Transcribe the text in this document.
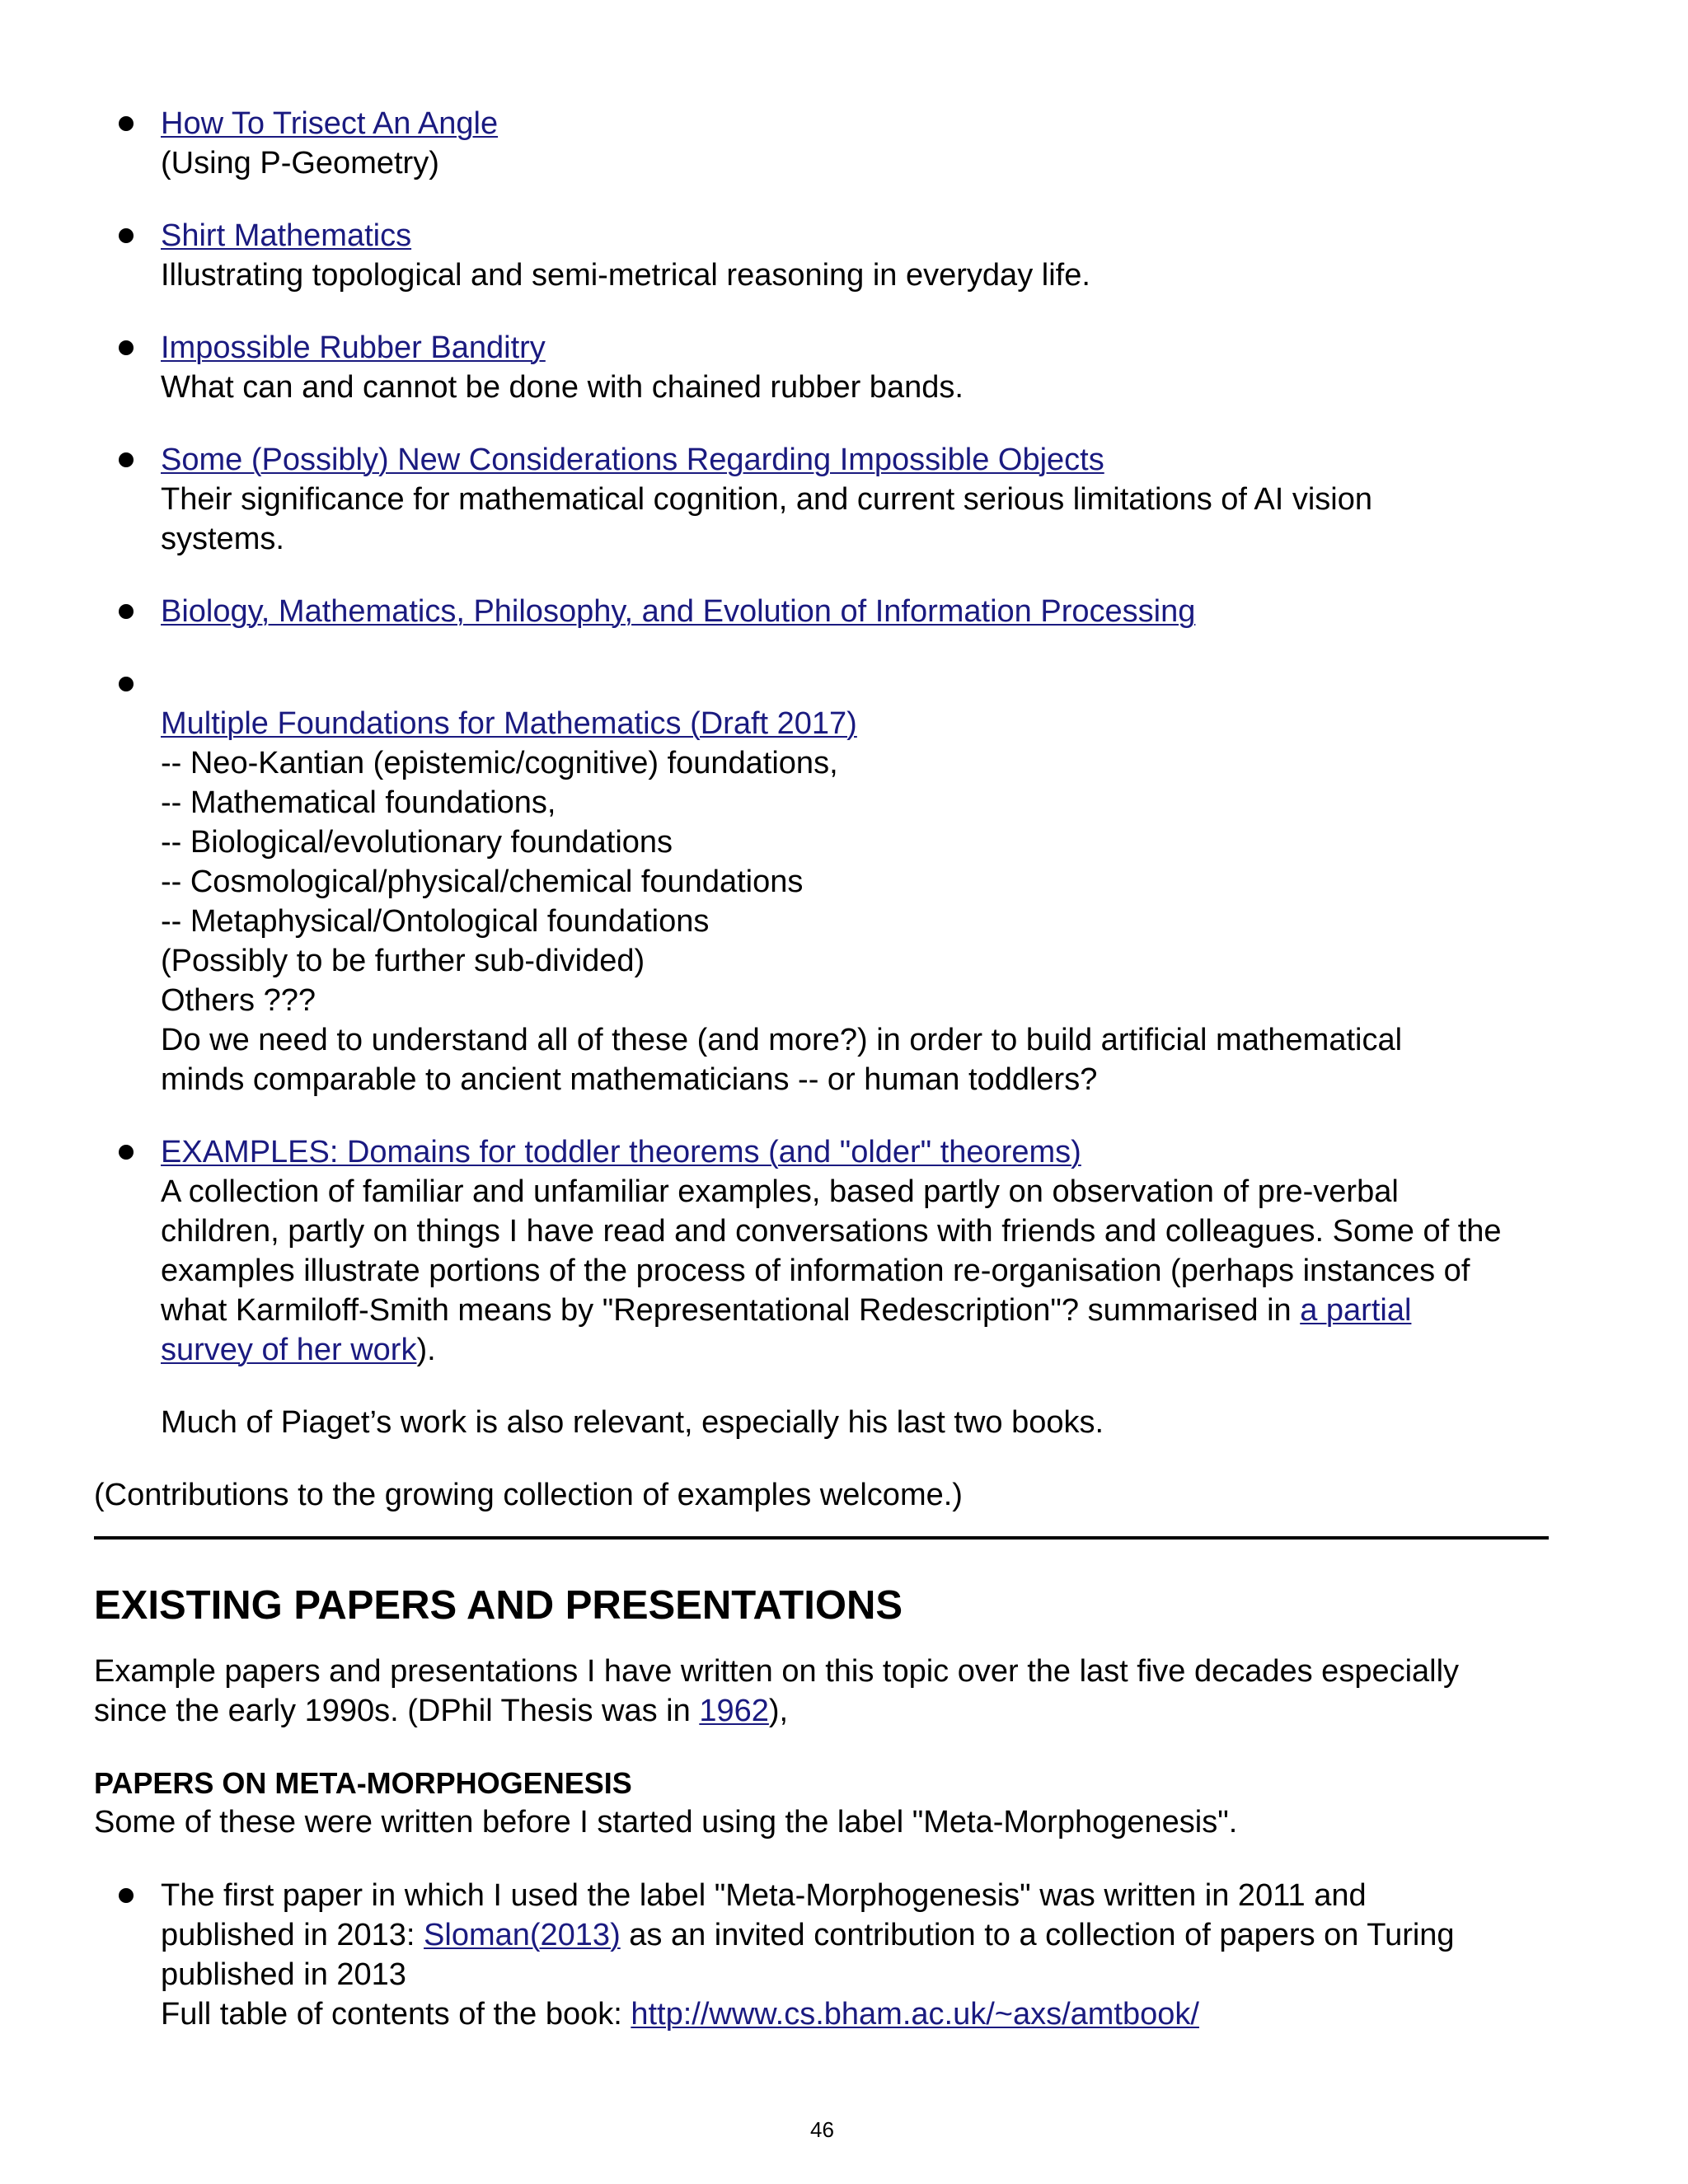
How To Trisect An Angle
(Using P-Geometry)
Shirt Mathematics
Illustrating topological and semi-metrical reasoning in everyday life.
Impossible Rubber Banditry
What can and cannot be done with chained rubber bands.
Some (Possibly) New Considerations Regarding Impossible Objects
Their significance for mathematical cognition, and current serious limitations of AI vision
systems.
Biology, Mathematics, Philosophy, and Evolution of Information Processing
Multiple Foundations for Mathematics (Draft 2017)
-- Neo-Kantian (epistemic/cognitive) foundations,
-- Mathematical foundations,
-- Biological/evolutionary foundations
-- Cosmological/physical/chemical foundations
-- Metaphysical/Ontological foundations
(Possibly to be further sub-divided)
Others ???
Do we need to understand all of these (and more?) in order to build artificial mathematical
minds comparable to ancient mathematicians -- or human toddlers?
EXAMPLES: Domains for toddler theorems (and "older" theorems)
A collection of familiar and unfamiliar examples, based partly on observation of pre-verbal
children, partly on things I have read and conversations with friends and colleagues. Some of the
examples illustrate portions of the process of information re-organisation (perhaps instances of
what Karmiloff-Smith means by "Representational Redescription"? summarised in a partial
survey of her work).
Much of Piaget’s work is also relevant, especially his last two books.
(Contributions to the growing collection of examples welcome.)
EXISTING PAPERS AND PRESENTATIONS
Example papers and presentations I have written on this topic over the last five decades especially
since the early 1990s. (DPhil Thesis was in 1962),
PAPERS ON META-MORPHOGENESIS
Some of these were written before I started using the label "Meta-Morphogenesis".
The first paper in which I used the label "Meta-Morphogenesis" was written in 2011 and
published in 2013: Sloman(2013) as an invited contribution to a collection of papers on Turing
published in 2013
Full table of contents of the book: http://www.cs.bham.ac.uk/~axs/amtbook/
46
